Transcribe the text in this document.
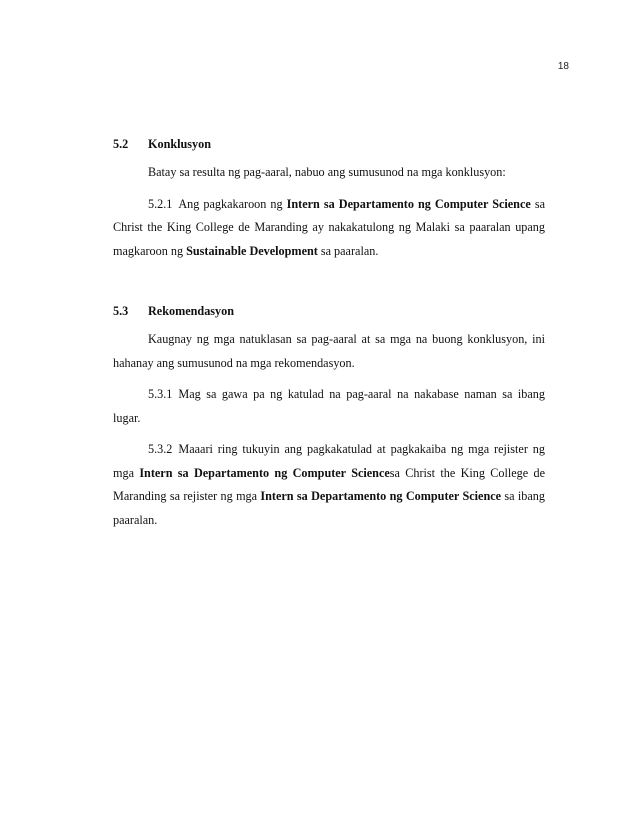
18
5.2	Konklusyon
Batay sa resulta ng pag-aaral, nabuo ang sumusunod na mga konklusyon:
5.2.1 Ang pagkakaroon ng Intern sa Departamento ng Computer Science sa Christ the King College de Maranding ay nakakatulong ng Malaki sa paaralan upang magkaroon ng Sustainable Development sa paaralan.
5.3	Rekomendasyon
Kaugnay ng mga natuklasan sa pag-aaral at sa mga na buong konklusyon, ini hahanay ang sumusunod na mga rekomendasyon.
5.3.1 Mag sa gawa pa ng katulad na pag-aaral na nakabase naman sa ibang lugar.
5.3.2 Maaari ring tukuyin ang pagkakatulad at pagkakaiba ng mga rejister ng mga Intern sa Departamento ng Computer Sciencesa Christ the King College de Maranding sa rejister ng mga Intern sa Departamento ng Computer Science sa ibang paaralan.
